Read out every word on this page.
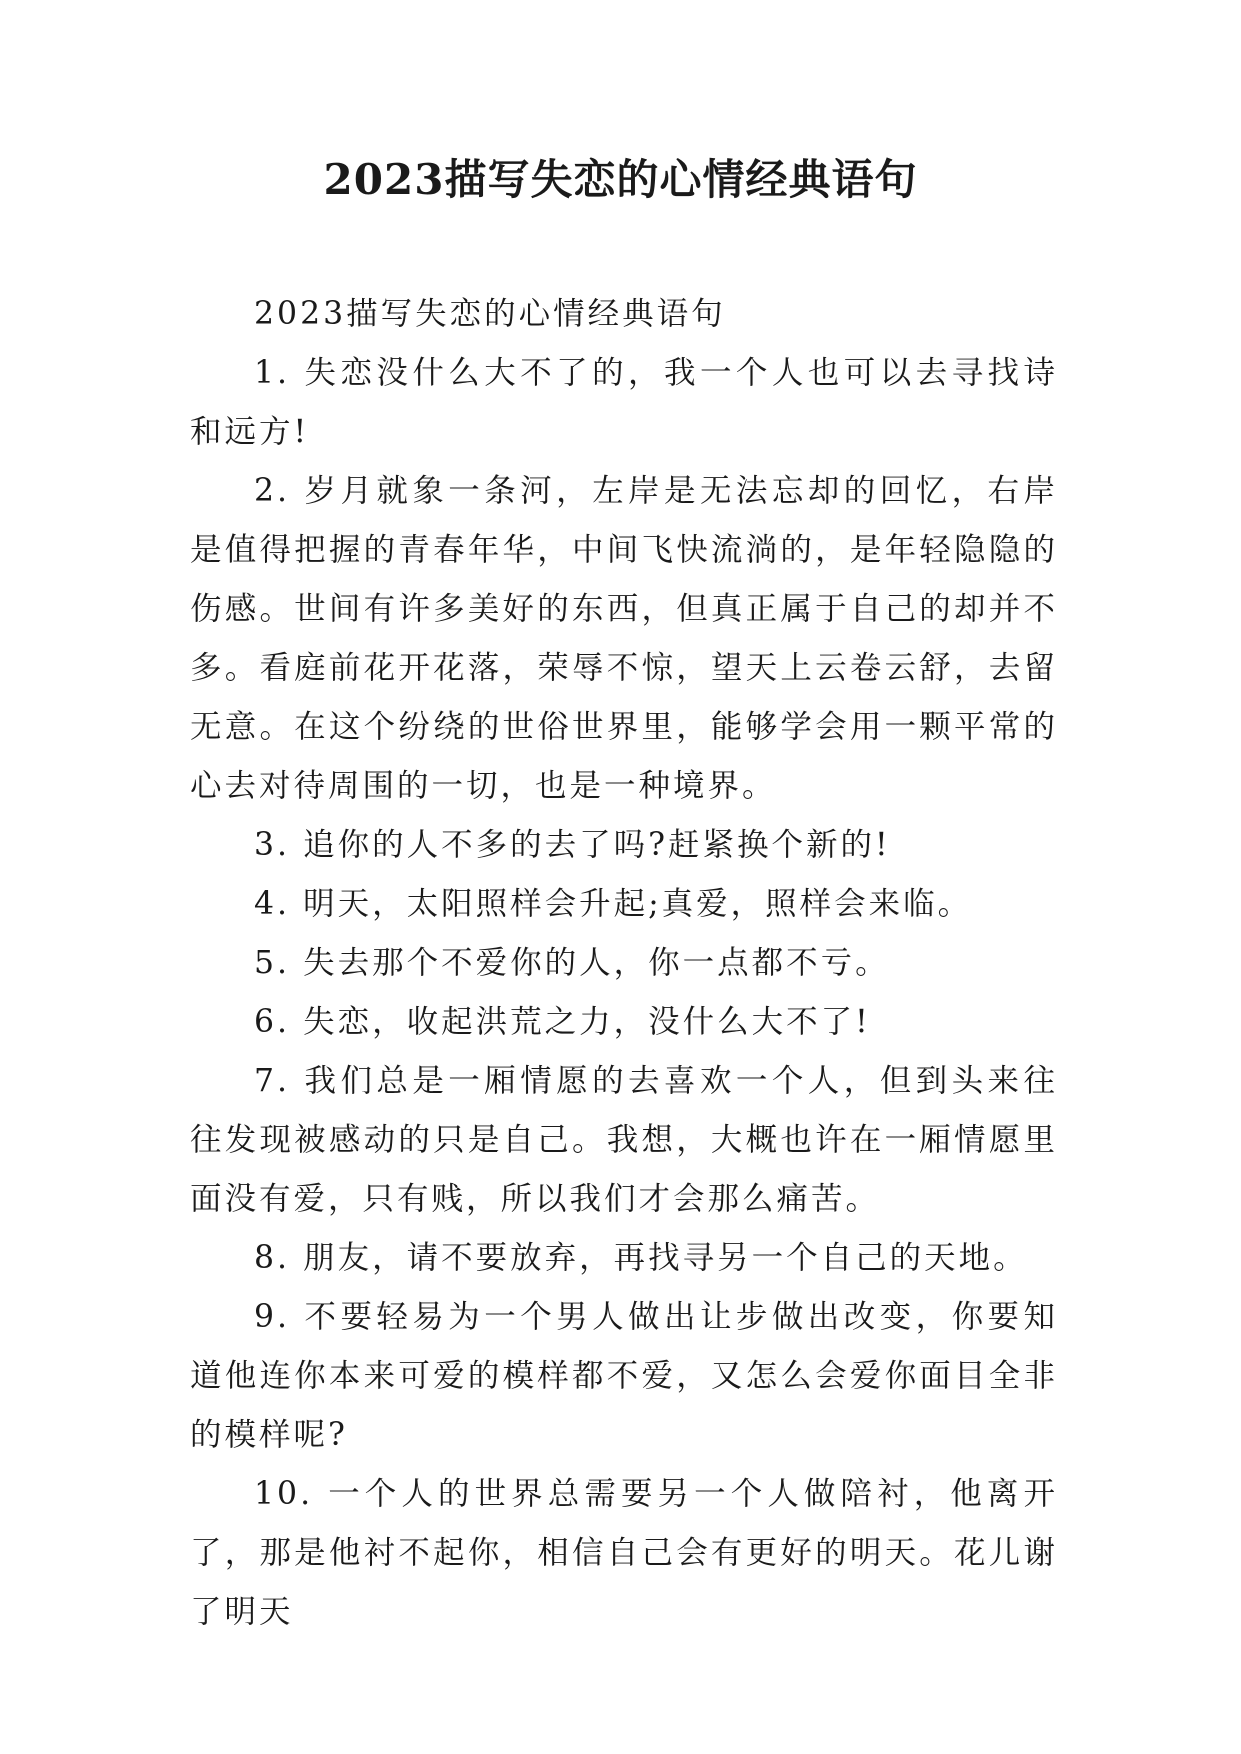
2023描写失恋的心情经典语句

2023描写失恋的心情经典语句

1. 失恋没什么大不了的，我一个人也可以去寻找诗和远方!

2. 岁月就象一条河，左岸是无法忘却的回忆，右岸是值得把握的青春年华，中间飞快流淌的，是年轻隐隐的伤感。世间有许多美好的东西，但真正属于自己的却并不多。看庭前花开花落，荣辱不惊，望天上云卷云舒，去留无意。在这个纷绕的世俗世界里，能够学会用一颗平常的心去对待周围的一切，也是一种境界。

3. 追你的人不多的去了吗?赶紧换个新的!

4. 明天，太阳照样会升起;真爱，照样会来临。

5. 失去那个不爱你的人，你一点都不亏。

6. 失恋，收起洪荒之力，没什么大不了!

7. 我们总是一厢情愿的去喜欢一个人，但到头来往往发现被感动的只是自己。我想，大概也许在一厢情愿里面没有爱，只有贱，所以我们才会那么痛苦。

8. 朋友，请不要放弃，再找寻另一个自己的天地。

9. 不要轻易为一个男人做出让步做出改变，你要知道他连你本来可爱的模样都不爱，又怎么会爱你面目全非的模样呢?

10. 一个人的世界总需要另一个人做陪衬，他离开了，那是他衬不起你，相信自己会有更好的明天。花儿谢了明天
